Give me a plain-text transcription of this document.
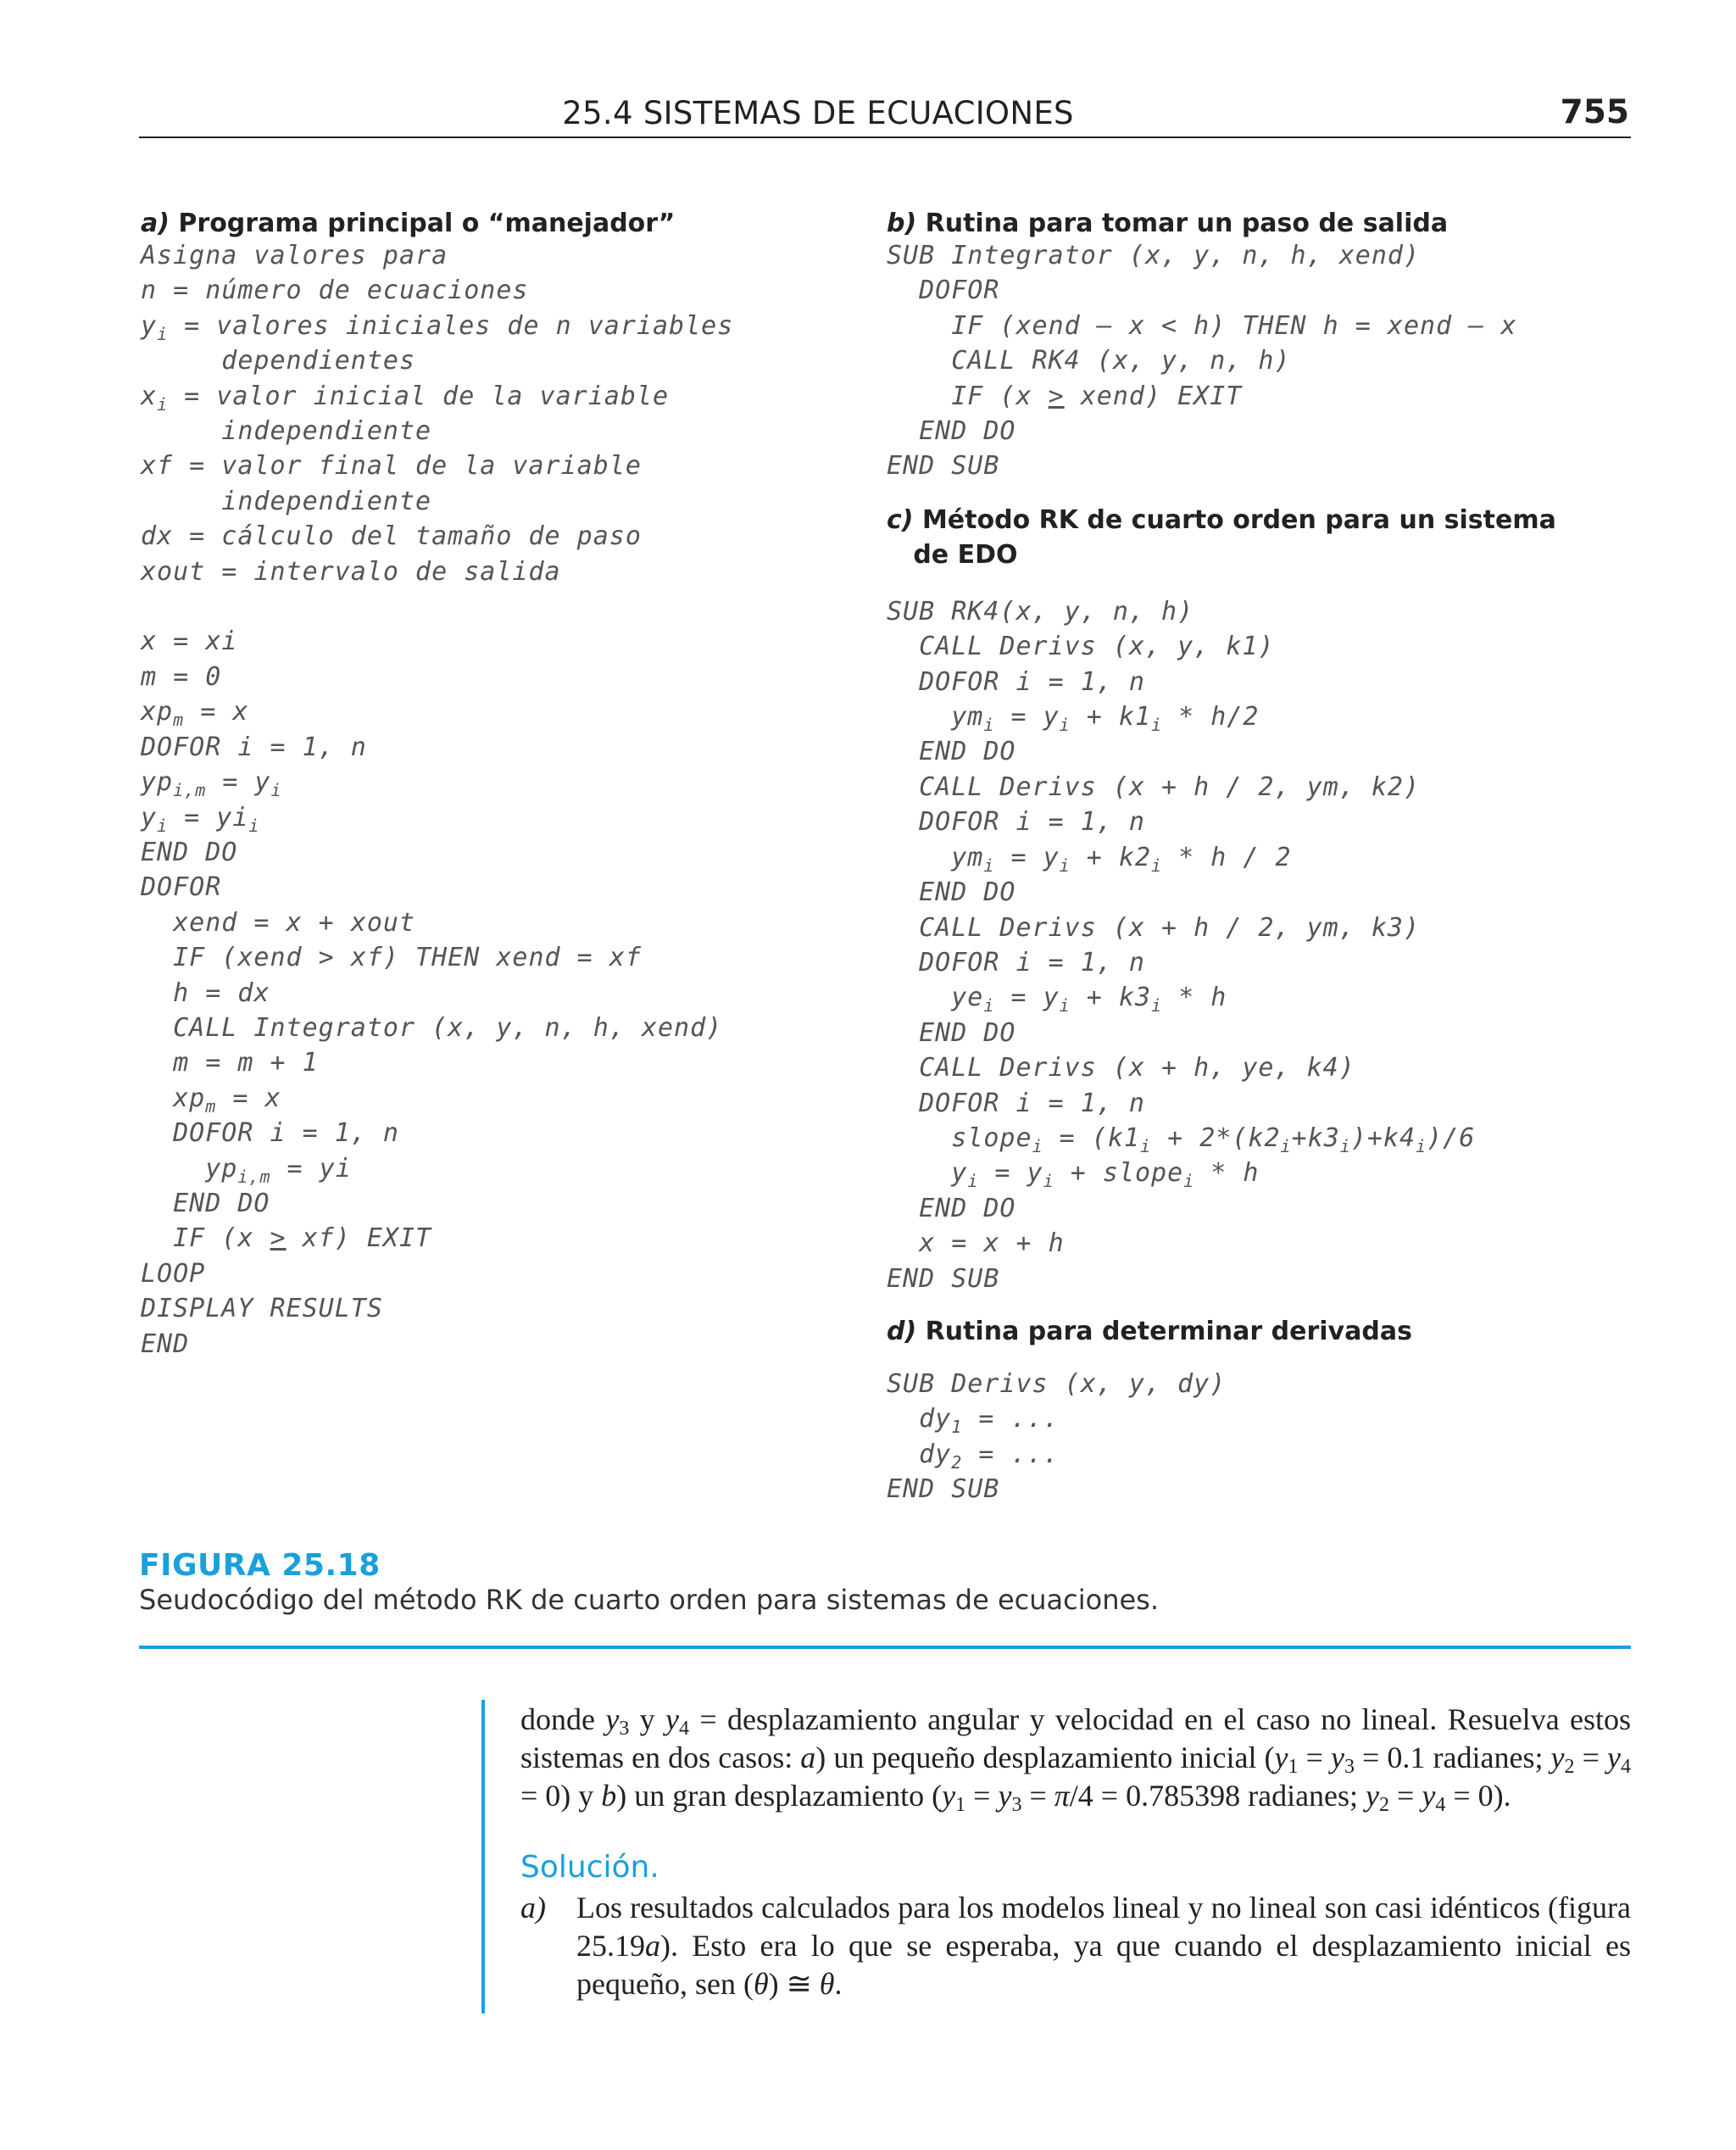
25.4 SISTEMAS DE ECUACIONES	755
a) Programa principal o “manejador”
Asigna valores para
n = número de ecuaciones
$y_i$ = valores iniciales de n variables
dependientes
$x_i$ = valor inicial de la variable
independiente
xf = valor final de la variable
independiente
dx = cálculo del tamaño de paso
xout = intervalo de salida

x = xi
m = 0
$xp_m = x$
DOFOR i = 1, n
$yp_{i,m} = y_i$
$y_i = yi_i$
END DO
DOFOR
xend = x + xout
IF (xend > xf) THEN xend = xf
h = dx
CALL Integrator (x, y, n, h, xend)
m = m + 1
$xp_m = x$
DOFOR i = 1, n
$yp_{i,m}$ = yi
END DO
IF (x > xf) EXIT
LOOP
DISPLAY RESULTS
END
b) Rutina para tomar un paso de salida
SUB Integrator (x, y, n, h, xend)
DOFOR
IF (xend – x < h) THEN h = xend – x
CALL RK4 (x, y, n, h)
IF (x > xend) EXIT
END DO
END SUB
c) Método RK de cuarto orden para un sistema
de EDO
SUB RK4(x, y, n, h)
CALL Derivs (x, y, k1)
DOFOR i = 1, n
$ym_i = y_i + k1_i * h/2$
END DO
CALL Derivs (x + h / 2, ym, k2)
DOFOR i = 1, n
$ym_i = y_i + k2_i * h / 2$
END DO
CALL Derivs (x + h / 2, ym, k3)
DOFOR i = 1, n
$ye_i = y_i + k3_i * h$
END DO
CALL Derivs (x + h, ye, k4)
DOFOR i = 1, n
slope$_i$ = $(k1_i + 2*(k2_i+k3_i)+k4_i)/6$
$y_i = y_i$ + slope$_i$ * h
END DO
x = x + h
END SUB
d) Rutina para determinar derivadas
SUB Derivs (x, y, dy)
$dy_1$ = ...
$dy_2$ = ...
END SUB
FIGURA 25.18
Seudocódigo del método RK de cuarto orden para sistemas de ecuaciones.

donde $y_3$ y $y_4$ = desplazamiento angular y velocidad en el caso no lineal. Resuelva estos sistemas en dos casos: a) un pequeño desplazamiento inicial ($y_1 = y_3 = 0.1$ radianes; $y_2 = y_4 = 0$) y b) un gran desplazamiento ($y_1 = y_3 = \pi/4 = 0.785398$ radianes; $y_2 = y_4 = 0$).

Solución.
a) Los resultados calculados para los modelos lineal y no lineal son casi idénticos (figura 25.19a). Esto era lo que se esperaba, ya que cuando el desplazamiento inicial es pequeño, sen (θ) ≅ θ.
